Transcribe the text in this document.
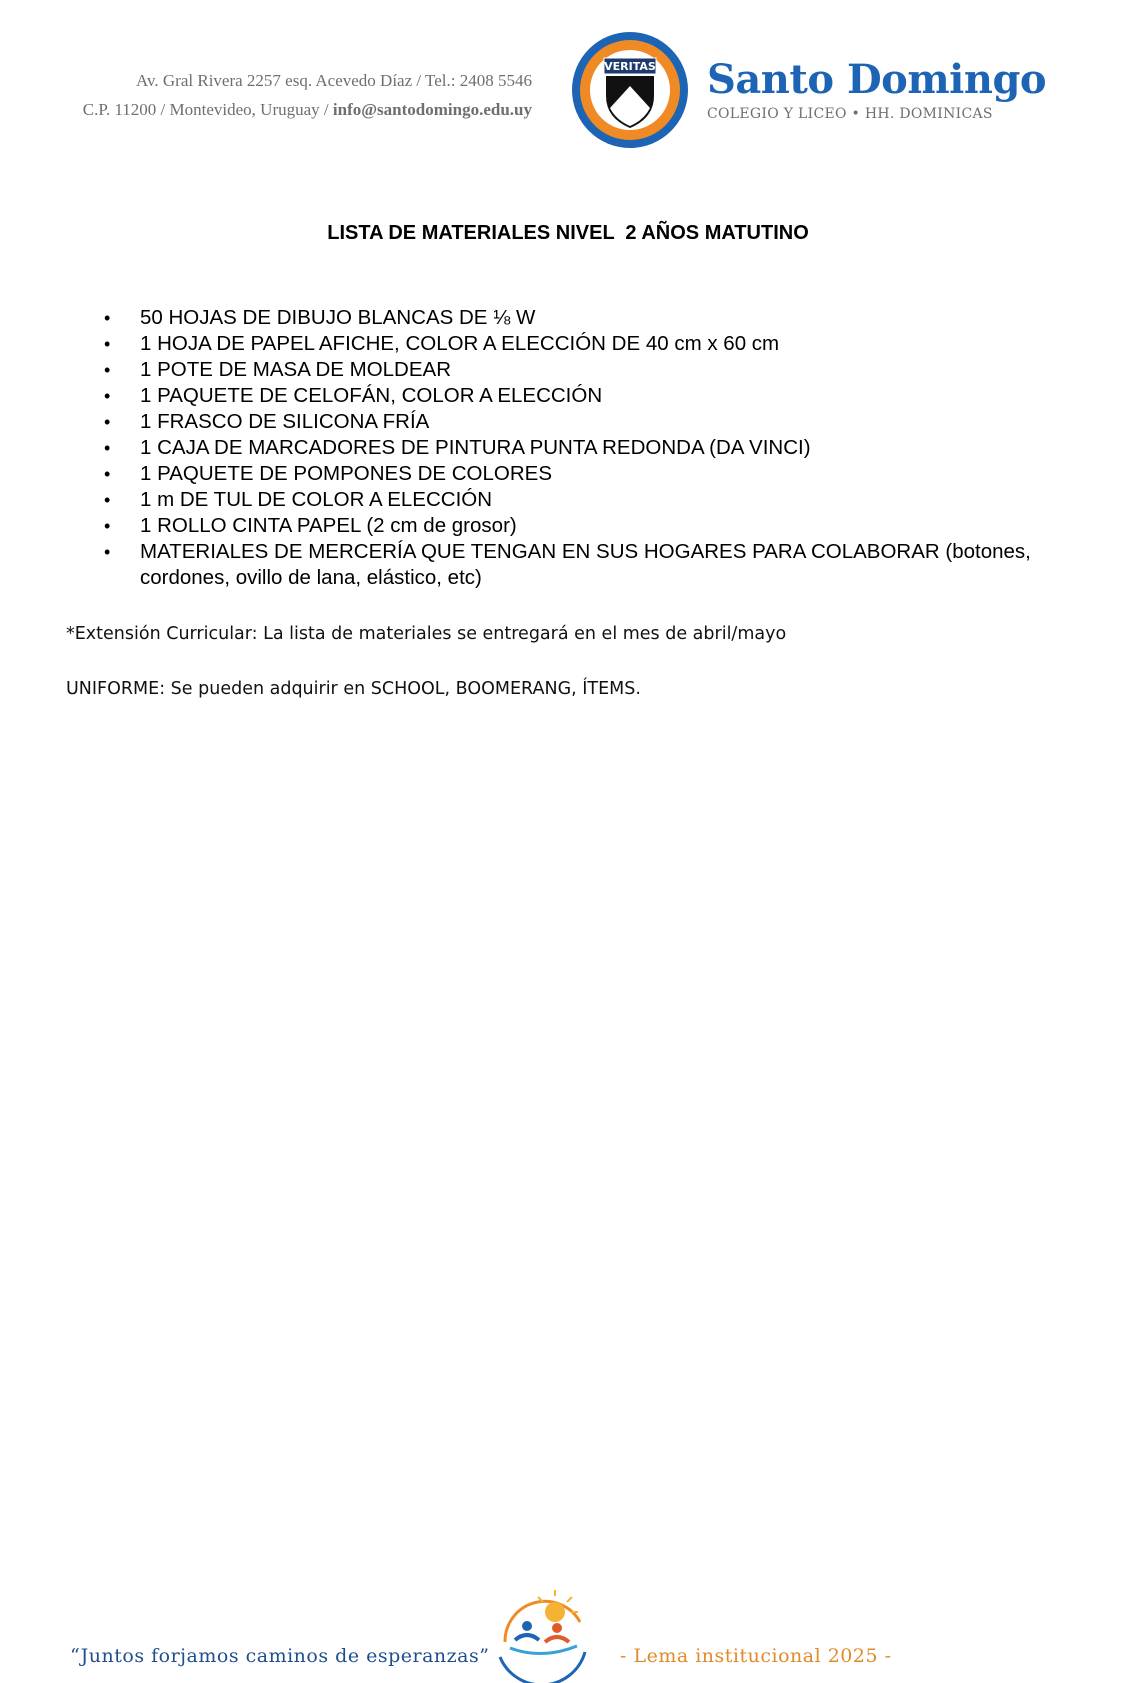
Av. Gral Rivera 2257 esq. Acevedo Díaz / Tel.: 2408 5546
C.P. 11200 / Montevideo, Uruguay / info@santodomingo.edu.uy
VERITAS Santo Domingo
COLEGIO Y LICEO • HH. DOMINICAS
LISTA DE MATERIALES NIVEL  2 AÑOS MATUTINO
• 50 HOJAS DE DIBUJO BLANCAS DE ⅛ W
• 1 HOJA DE PAPEL AFICHE, COLOR A ELECCIÓN DE 40 cm x 60 cm
• 1 POTE DE MASA DE MOLDEAR
• 1 PAQUETE DE CELOFÁN, COLOR A ELECCIÓN
• 1 FRASCO DE SILICONA FRÍA
• 1 CAJA DE MARCADORES DE PINTURA PUNTA REDONDA (DA VINCI)
• 1 PAQUETE DE POMPONES DE COLORES
• 1 m DE TUL DE COLOR A ELECCIÓN
• 1 ROLLO CINTA PAPEL (2 cm de grosor)
• MATERIALES DE MERCERÍA QUE TENGAN EN SUS HOGARES PARA COLABORAR (botones, cordones, ovillo de lana, elástico, etc)
*Extensión Curricular: La lista de materiales se entregará en el mes de abril/mayo
UNIFORME: Se pueden adquirir en SCHOOL, BOOMERANG, ÍTEMS.
“Juntos forjamos caminos de esperanzas”	- Lema institucional 2025 -
